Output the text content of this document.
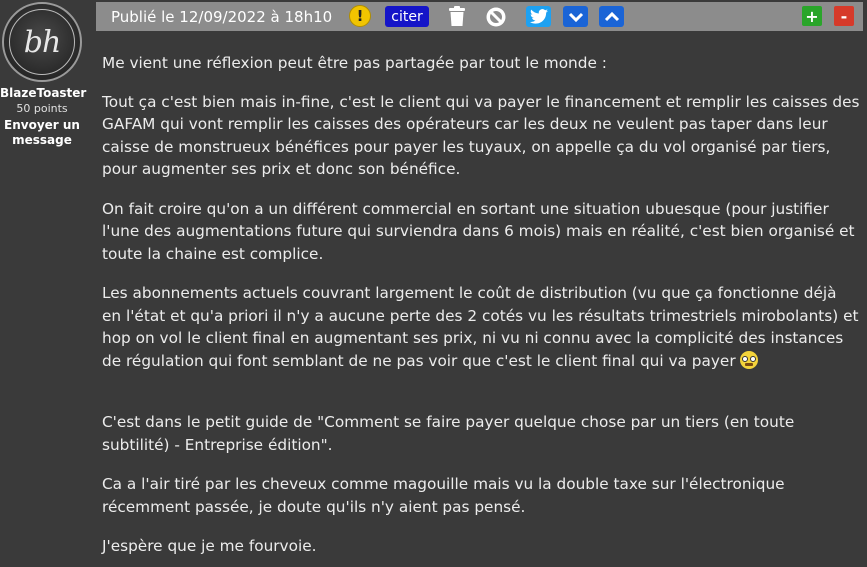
bh
BlazeToaster
50 points
Envoyer un message
Publié le 12/09/2022 à 18h10 !	citer	+	-

Me vient une réflexion peut être pas partagée par tout le monde :

Tout ça c'est bien mais in-fine, c'est le client qui va payer le financement et remplir les caisses des GAFAM qui vont remplir les caisses des opérateurs car les deux ne veulent pas taper dans leur caisse de monstrueux bénéfices pour payer les tuyaux, on appelle ça du vol organisé par tiers, pour augmenter ses prix et donc son bénéfice.

On fait croire qu'on a un différent commercial en sortant une situation ubuesque (pour justifier l'une des augmentations future qui surviendra dans 6 mois) mais en réalité, c'est bien organisé et toute la chaine est complice.

Les abonnements actuels couvrant largement le coût de distribution (vu que ça fonctionne déjà en l'état et qu'a priori il n'y a aucune perte des 2 cotés vu les résultats trimestriels mirobolants) et hop on vol le client final en augmentant ses prix, ni vu ni connu avec la complicité des instances de régulation qui font semblant de ne pas voir que c'est le client final qui va payer

C'est dans le petit guide de "Comment se faire payer quelque chose par un tiers (en toute subtilité) - Entreprise édition".

Ca a l'air tiré par les cheveux comme magouille mais vu la double taxe sur l'électronique récemment passée, je doute qu'ils n'y aient pas pensé.

J'espère que je me fourvoie.
